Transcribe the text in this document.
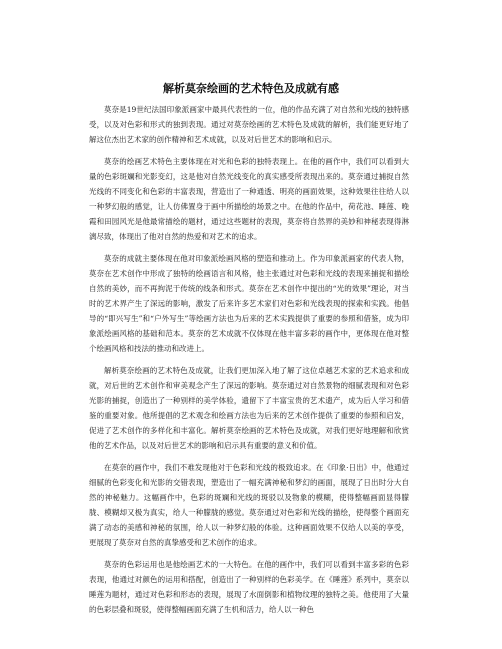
解析莫奈绘画的艺术特色及成就有感

莫奈是19世纪法国印象派画家中最具代表性的一位，他的作品充满了对自然和光线的独特感受，以及对色彩和形式的独到表现。通过对莫奈绘画的艺术特色及成就的解析，我们能更好地了解这位杰出艺术家的创作精神和艺术成就，以及对后世艺术的影响和启示。

莫奈的绘画艺术特色主要体现在对光和色彩的独特表现上。在他的画作中，我们可以看到大量的色彩斑斓和光影变幻，这是他对自然光线变化的真实感受所表现出来的。莫奈通过捕捉自然光线的不同变化和色彩的丰富表现，营造出了一种通透、明亮的画面效果，这种效果往往给人以一种梦幻般的感觉，让人仿佛置身于画中所描绘的场景之中。在他的作品中，荷花池、睡莲、晚霞和田园风光是他最常描绘的题材，通过这些题材的表现，莫奈将自然界的美妙和神秘表现得淋漓尽致，体现出了他对自然的热爱和对艺术的追求。

莫奈的成就主要体现在他对印象派绘画风格的塑造和推动上。作为印象派画家的代表人物，莫奈在艺术创作中形成了独特的绘画语言和风格，他主张通过对色彩和光线的表现来捕捉和描绘自然的美妙，而不再拘泥于传统的线条和形式。莫奈在艺术创作中提出的“光的效果”理论，对当时的艺术界产生了深远的影响，激发了后来许多艺术家们对色彩和光线表现的探索和实践。他倡导的“即兴写生”和“户外写生”等绘画方法也为后来的艺术实践提供了重要的参照和借鉴，成为印象派绘画风格的基础和范本。莫奈的艺术成就不仅体现在他丰富多彩的画作中，更体现在他对整个绘画风格和技法的推动和改进上。

解析莫奈绘画的艺术特色及成就，让我们更加深入地了解了这位卓越艺术家的艺术追求和成就，对后世的艺术创作和审美观念产生了深远的影响。莫奈通过对自然景物的细腻表现和对色彩光影的捕捉，创造出了一种别样的美学体验，遗留下了丰富宝贵的艺术遗产，成为后人学习和借鉴的重要对象。他所提倡的艺术观念和绘画方法也为后来的艺术创作提供了重要的参照和启发，促进了艺术创作的多样化和丰富化。解析莫奈绘画的艺术特色及成就，对我们更好地理解和欣赏他的艺术作品，以及对后世艺术的影响和启示具有重要的意义和价值。

在莫奈的画作中，我们不难发现他对于色彩和光线的极致追求。在《印象·日出》中，他通过细腻的色彩变化和光影的交错表现，塑造出了一幅充满神秘和梦幻的画面，展现了日出时分大自然的神秘魅力。这幅画作中，色彩的斑斓和光线的斑驳以及物象的模糊，使得整幅画面显得朦胧、模糊却又极为真实，给人一种朦胧的感觉。莫奈通过对色彩和光线的描绘，使得整个画面充满了动态的美感和神秘的氛围，给人以一种梦幻般的体验。这种画面效果不仅给人以美的享受，更展现了莫奈对自然的真挚感受和艺术创作的追求。

莫奈的色彩运用也是他绘画艺术的一大特色。在他的画作中，我们可以看到丰富多彩的色彩表现，他通过对颜色的运用和搭配，创造出了一种别样的色彩美学。在《睡莲》系列中，莫奈以睡莲为题材，通过对色彩和形态的表现，展现了水面倒影和植物纹理的独特之美。他使用了大量的色彩层叠和斑驳，使得整幅画面充满了生机和活力，给人以一种色
